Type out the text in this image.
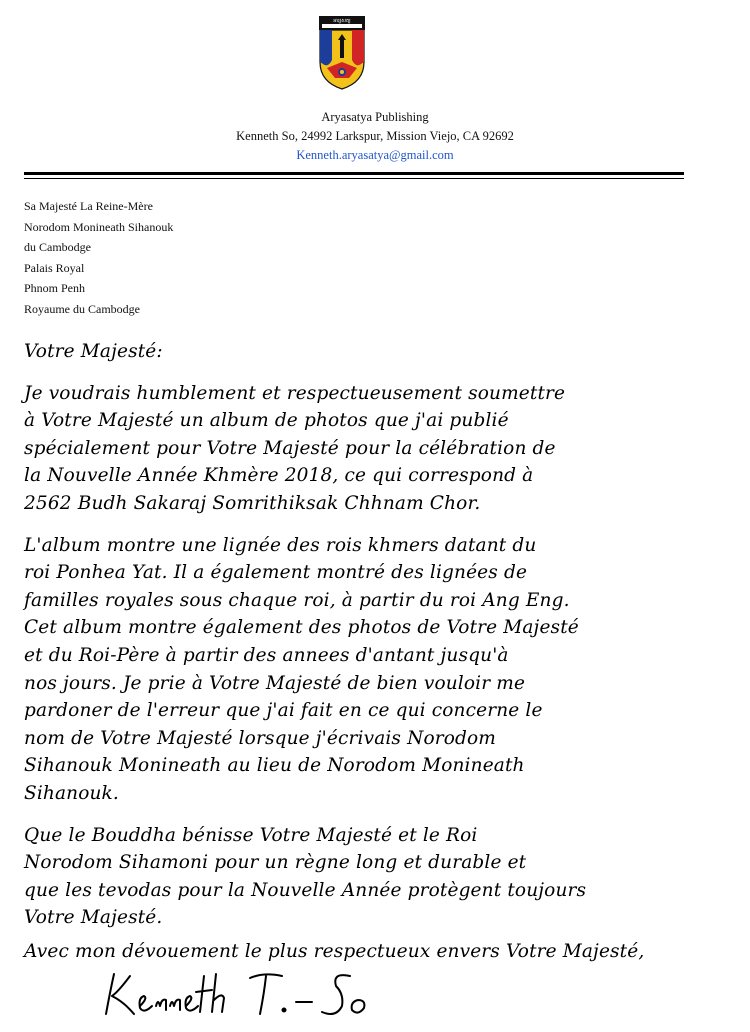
អារ្យសត្យ
Aryasatya Publishing
Kenneth So, 24992 Larkspur, Mission Viejo, CA 92692
Kenneth.aryasatya@gmail.com
Sa Majesté La Reine-Mère
Norodom Monineath Sihanouk
du Cambodge
Palais Royal
Phnom Penh
Royaume du Cambodge
Votre Majesté:
Je voudrais humblement et respectueusement soumettre
à Votre Majesté un album de photos que j'ai publié
spécialement pour Votre Majesté pour la célébration de
la Nouvelle Année Khmère 2018, ce qui correspond à
2562 Budh Sakaraj Somrithiksak Chhnam Chor.
L'album montre une lignée des rois khmers datant du
roi Ponhea Yat. Il a également montré des lignées de
familles royales sous chaque roi, à partir du roi Ang Eng.
Cet album montre également des photos de Votre Majesté
et du Roi-Père à partir des annees d'antant jusqu'à
nos jours. Je prie à Votre Majesté de bien vouloir me
pardoner de l'erreur que j'ai fait en ce qui concerne le
nom de Votre Majesté lorsque j'écrivais Norodom
Sihanouk Monineath au lieu de Norodom Monineath
Sihanouk.
Que le Bouddha bénisse Votre Majesté et le Roi
Norodom Sihamoni pour un règne long et durable et
que les tevodas pour la Nouvelle Année protègent toujours
Votre Majesté.
Avec mon dévouement le plus respectueux envers Votre Majesté,
